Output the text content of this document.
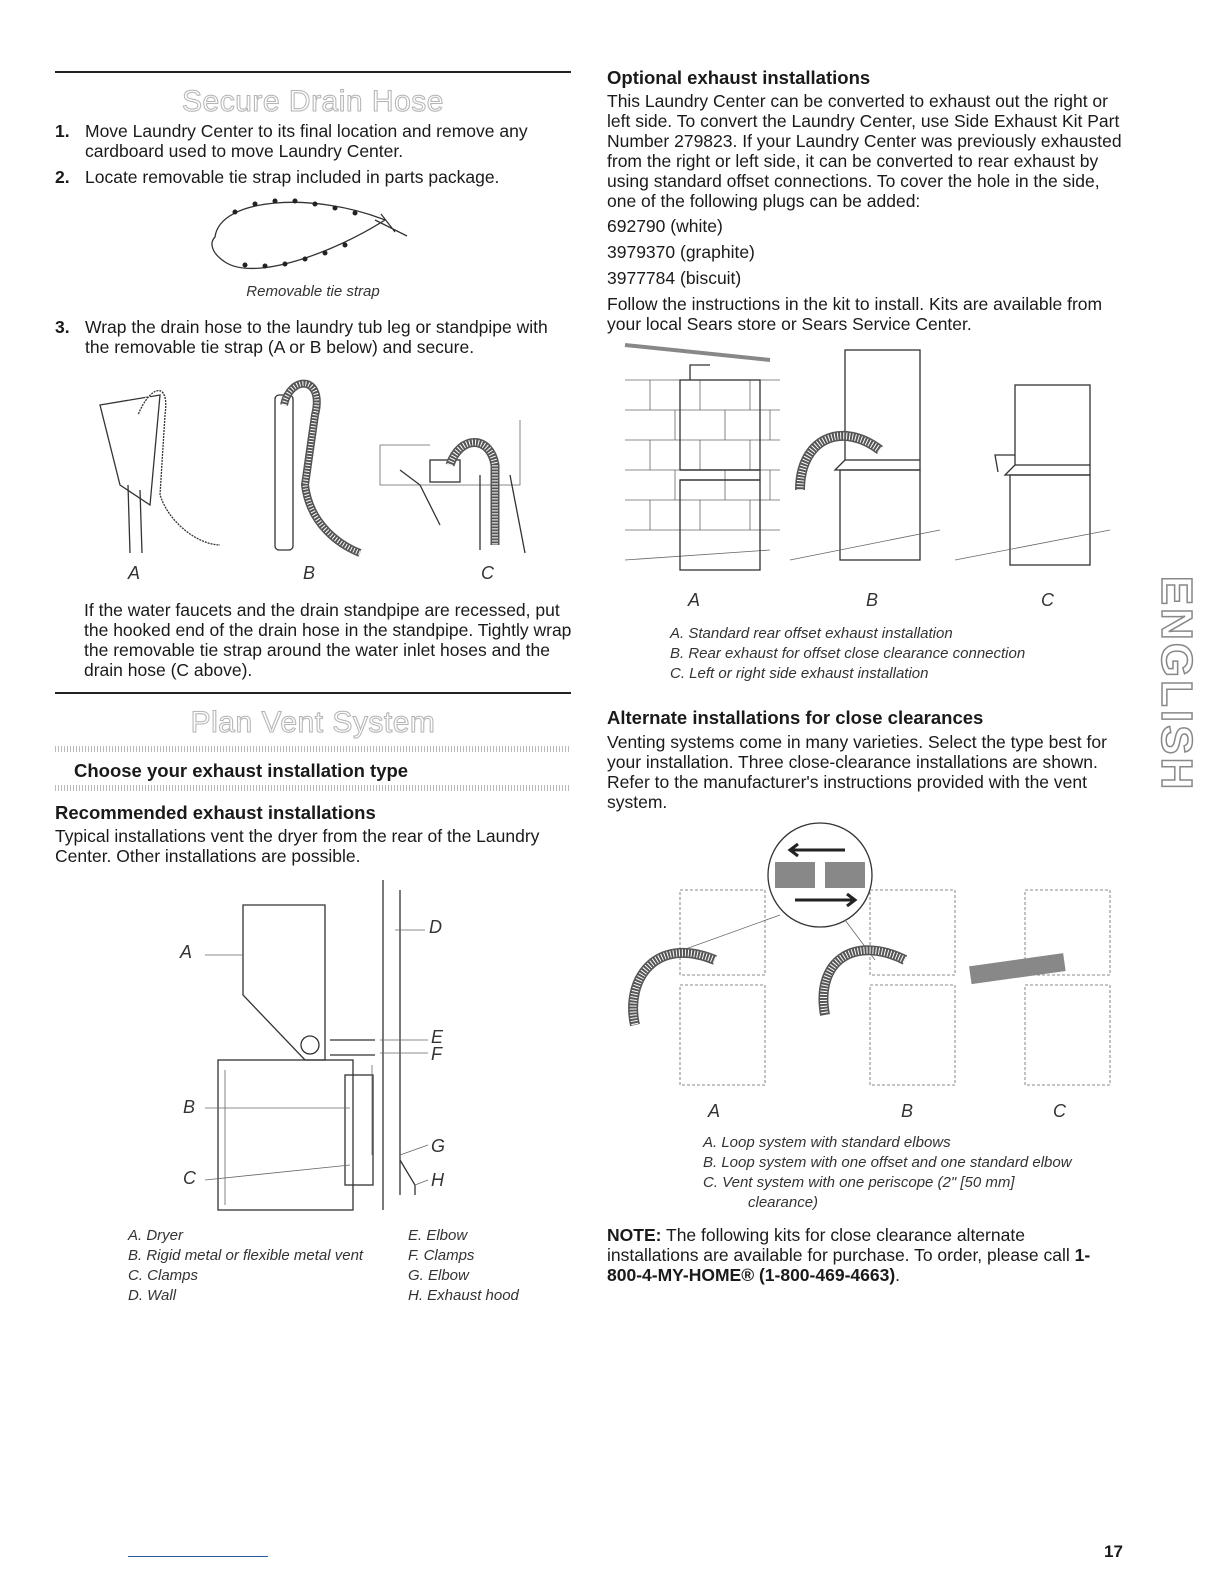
Secure Drain Hose
1. Move Laundry Center to its final location and remove any cardboard used to move Laundry Center.
2. Locate removable tie strap included in parts package.
Removable tie strap
3. Wrap the drain hose to the laundry tub leg or standpipe with the removable tie strap (A or B below) and secure.
A	B	C

If the water faucets and the drain standpipe are recessed, put the hooked end of the drain hose in the standpipe. Tightly wrap the removable tie strap around the water inlet hoses and the drain hose (C above).

Plan Vent System
Choose your exhaust installation type
Recommended exhaust installations

Typical installations vent the dryer from the rear of the Laundry Center. Other installations are possible.

A
B
C
D
E
F
G
H
A. Dryer
B. Rigid metal or flexible metal vent
C. Clamps
D. Wall
E. Elbow
F. Clamps
G. Elbow
H. Exhaust hood
Optional exhaust installations

This Laundry Center can be converted to exhaust out the right or left side. To convert the Laundry Center, use Side Exhaust Kit Part Number 279823. If your Laundry Center was previously exhausted from the right or left side, it can be converted to rear exhaust by using standard offset connections. To cover the hole in the side, one of the following plugs can be added:

692790 (white)
3979370 (graphite)
3977784 (biscuit)

Follow the instructions in the kit to install. Kits are available from your local Sears store or Sears Service Center.

A	B	C
A. Standard rear offset exhaust installation
B. Rear exhaust for offset close clearance connection
C. Left or right side exhaust installation
Alternate installations for close clearances

Venting systems come in many varieties. Select the type best for your installation. Three close-clearance installations are shown. Refer to the manufacturer's instructions provided with the vent system.

A	B	C
A. Loop system with standard elbows
B. Loop system with one offset and one standard elbow
C. Vent system with one periscope (2" [50 mm]
clearance)

NOTE: The following kits for close clearance alternate installations are available for purchase. To order, please call 1-800-4-MY-HOME® (1-800-469-4663).

ENGLISH
17
